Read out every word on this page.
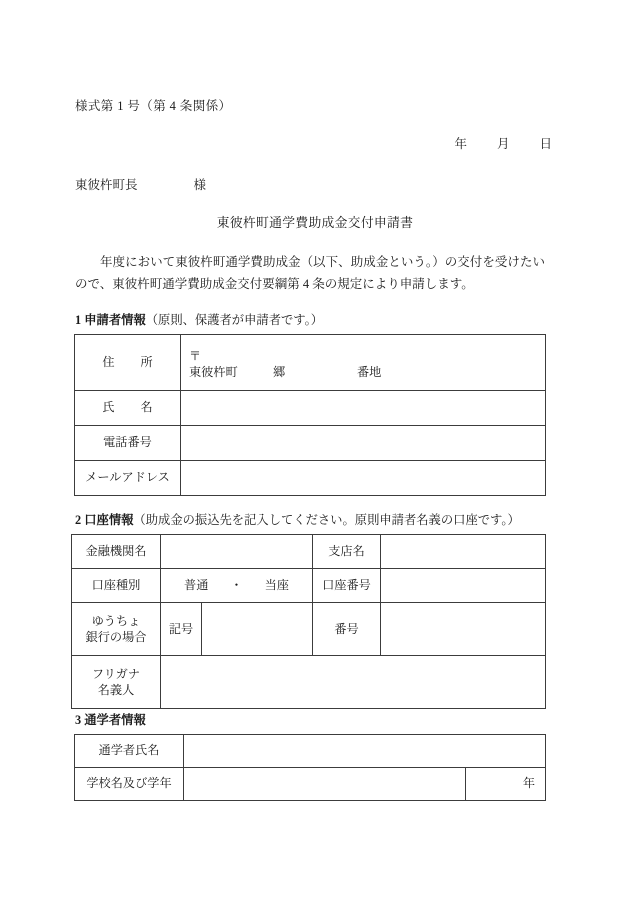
様式第 1 号（第 4 条関係）
年 月 日
東彼杵町長	様
東彼杵町通学費助成金交付申請書
年度において東彼杵町通学費助成金（以下、助成金という。）の交付を受けたいので、東彼杵町通学費助成金交付要綱第 4 条の規定により申請します。
1 申請者情報（原則、保護者が申請者です。）
住 所	〒
東彼杵町 郷 番地

氏 名	
電話番号	
メールアドレス	
2 口座情報（助成金の振込先を記入してください。原則申請者名義の口座です。）
金融機関名			支店名	
口座種別	普通 ・ 当座		口座番号	

ゆうちょ
銀行の場合	記号		番号	

フリガナ
名義人				

3 通学者情報
通学者氏名		
学校名及び学年		年
